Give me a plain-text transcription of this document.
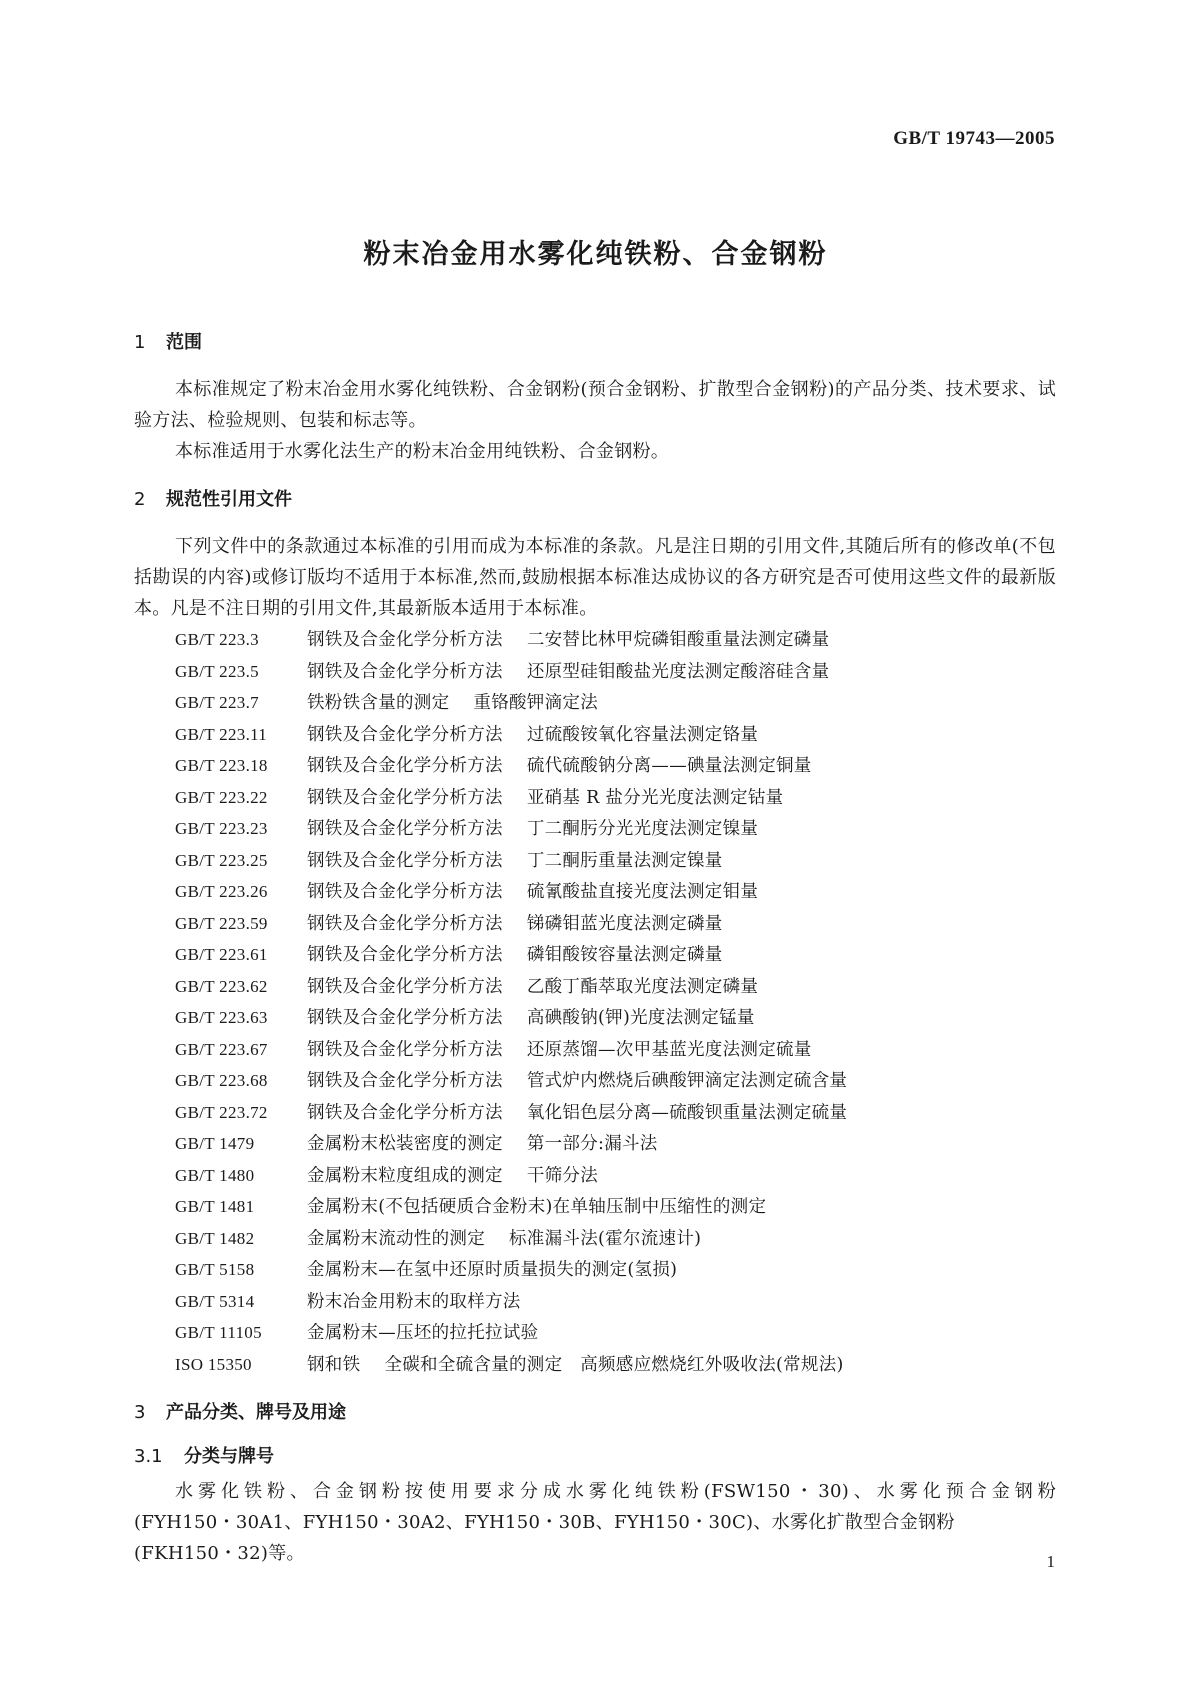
GB/T 19743—2005
粉末冶金用水雾化纯铁粉、合金钢粉
1 范围
本标准规定了粉末冶金用水雾化纯铁粉、合金钢粉(预合金钢粉、扩散型合金钢粉)的产品分类、技术要求、试验方法、检验规则、包装和标志等。
本标准适用于水雾化法生产的粉末冶金用纯铁粉、合金钢粉。
2 规范性引用文件
下列文件中的条款通过本标准的引用而成为本标准的条款。凡是注日期的引用文件,其随后所有的修改单(不包括勘误的内容)或修订版均不适用于本标准,然而,鼓励根据本标准达成协议的各方研究是否可使用这些文件的最新版本。凡是不注日期的引用文件,其最新版本适用于本标准。
GB/T 223.3	钢铁及合金化学分析方法 二安替比林甲烷磷钼酸重量法测定磷量
GB/T 223.5	钢铁及合金化学分析方法 还原型硅钼酸盐光度法测定酸溶硅含量
GB/T 223.7	铁粉铁含量的测定 重铬酸钾滴定法
GB/T 223.11 钢铁及合金化学分析方法 过硫酸铵氧化容量法测定铬量
GB/T 223.18 钢铁及合金化学分析方法 硫代硫酸钠分离——碘量法测定铜量
GB/T 223.22 钢铁及合金化学分析方法 亚硝基 R 盐分光光度法测定钴量
GB/T 223.23 钢铁及合金化学分析方法 丁二酮肟分光光度法测定镍量
GB/T 223.25 钢铁及合金化学分析方法 丁二酮肟重量法测定镍量
GB/T 223.26 钢铁及合金化学分析方法 硫氰酸盐直接光度法测定钼量
GB/T 223.59 钢铁及合金化学分析方法 锑磷钼蓝光度法测定磷量
GB/T 223.61 钢铁及合金化学分析方法 磷钼酸铵容量法测定磷量
GB/T 223.62 钢铁及合金化学分析方法 乙酸丁酯萃取光度法测定磷量
GB/T 223.63 钢铁及合金化学分析方法 高碘酸钠(钾)光度法测定锰量
GB/T 223.67 钢铁及合金化学分析方法 还原蒸馏—次甲基蓝光度法测定硫量
GB/T 223.68 钢铁及合金化学分析方法 管式炉内燃烧后碘酸钾滴定法测定硫含量
GB/T 223.72 钢铁及合金化学分析方法 氧化铝色层分离—硫酸钡重量法测定硫量
GB/T 1479	金属粉末松装密度的测定 第一部分:漏斗法
GB/T 1480	金属粉末粒度组成的测定 干筛分法
GB/T 1481	金属粉末(不包括硬质合金粉末)在单轴压制中压缩性的测定
GB/T 1482	金属粉末流动性的测定 标准漏斗法(霍尔流速计)
GB/T 5158	金属粉末—在氢中还原时质量损失的测定(氢损)
GB/T 5314	粉末冶金用粉末的取样方法
GB/T 11105	金属粉末—压坯的拉托拉试验
ISO 15350	钢和铁 全碳和全硫含量的测定　高频感应燃烧红外吸收法(常规法)
3 产品分类、牌号及用途
3.1 分类与牌号
水雾化铁粉、合金钢粉按使用要求分成水雾化纯铁粉(FSW150・30)、水雾化预合金钢粉
(FYH150・30A1、FYH150・30A2、FYH150・30B、FYH150・30C)、水雾化扩散型合金钢粉(FKH150・32)等。	1
